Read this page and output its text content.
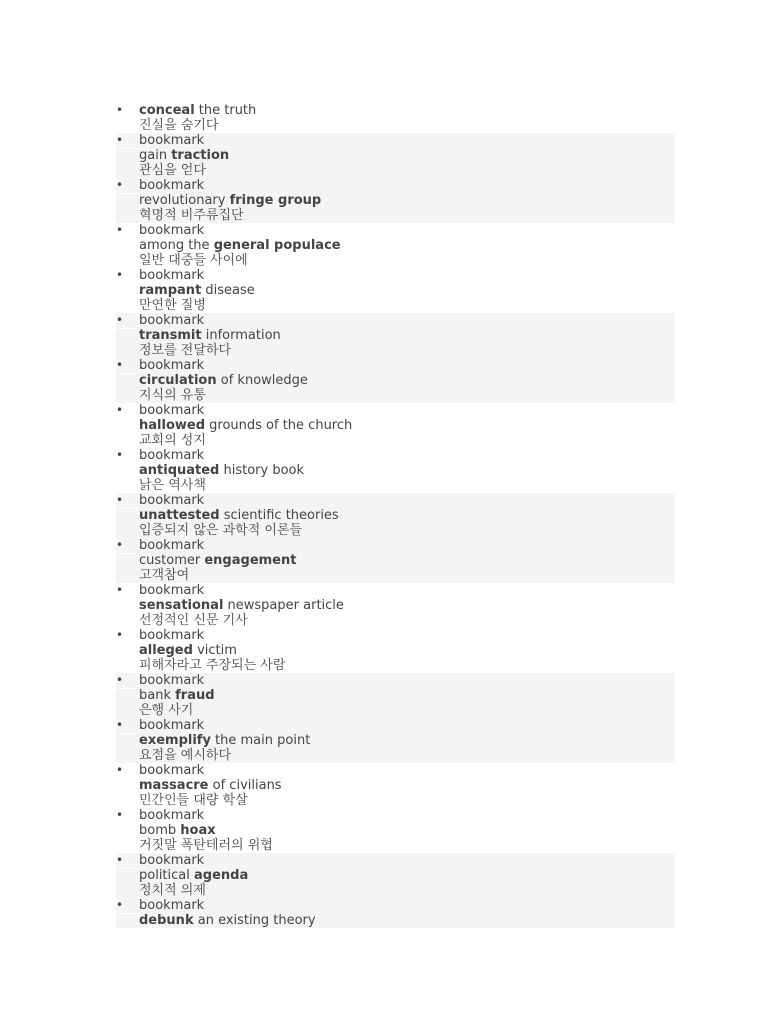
•	conceal the truth
진실을 숨기다
•	bookmark
gain traction
관심을 얻다
•	bookmark
revolutionary fringe group
혁명적 비주류집단
•	bookmark
among the general populace
일반 대중들 사이에
•	bookmark
rampant disease
만연한 질병
•	bookmark
transmit information
정보를 전달하다
•	bookmark
circulation of knowledge
지식의 유통
•	bookmark
hallowed grounds of the church
교회의 성지
•	bookmark
antiquated history book
낡은 역사책
•	bookmark
unattested scientific theories
입증되지 않은 과학적 이론들
•	bookmark
customer engagement
고객참여
•	bookmark
sensational newspaper article
선정적인 신문 기사
•	bookmark
alleged victim
피해자라고 주장되는 사람
•	bookmark
bank fraud
은행 사기
•	bookmark
exemplify the main point
요점을 예시하다
•	bookmark
massacre of civilians
민간인들 대량 학살
•	bookmark
bomb hoax
거짓말 폭탄테러의 위협
•	bookmark
political agenda
정치적 의제
•	bookmark
debunk an existing theory
